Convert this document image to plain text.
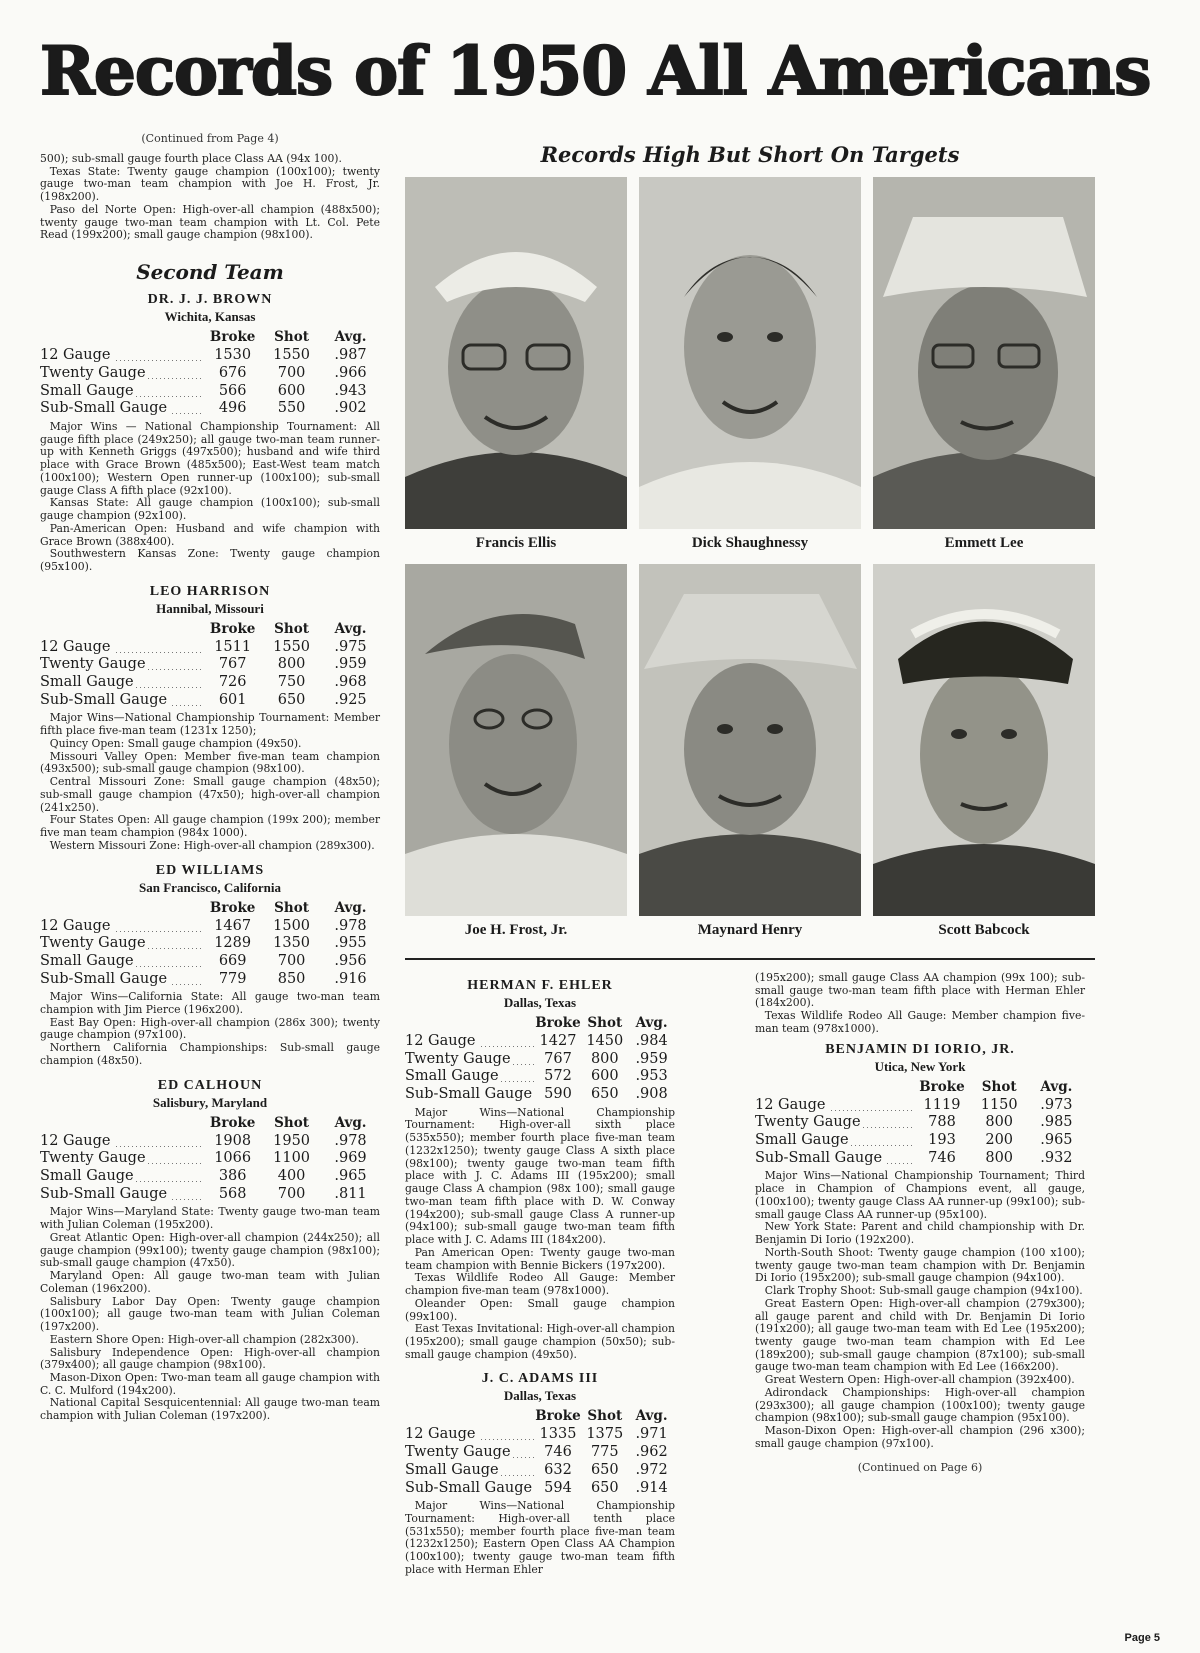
Records of 1950 All Americans
(Continued from Page 4)

500); sub-small gauge fourth place Class AA (94x 100).

Texas State: Twenty gauge champion (100x100); twenty gauge two-man team champion with Joe H. Frost, Jr. (198x200).

Paso del Norte Open: High-over-all champion (488x500); twenty gauge two-man team champion with Lt. Col. Pete Read (199x200); small gauge champion (98x100).

Second Team
DR. J. J. BROWN
Wichita, Kansas
	Broke	Shot	Avg.
12 Gauge	1530	1550	.987
Twenty Gauge	676	700	.966
Small Gauge	566	600	.943
Sub-Small Gauge	496	550	.902

Major Wins — National Championship Tournament: All gauge fifth place (249x250); all gauge two-man team runner-up with Kenneth Griggs (497x500); husband and wife third place with Grace Brown (485x500); East-West team match (100x100); Western Open runner-up (100x100); sub-small gauge Class A fifth place (92x100).

Kansas State: All gauge champion (100x100); sub-small gauge champion (92x100).

Pan-American Open: Husband and wife champion with Grace Brown (388x400).

Southwestern Kansas Zone: Twenty gauge champion (95x100).

LEO HARRISON
Hannibal, Missouri
	Broke	Shot	Avg.
12 Gauge	1511	1550	.975
Twenty Gauge	767	800	.959
Small Gauge	726	750	.968
Sub-Small Gauge	601	650	.925

Major Wins—National Championship Tournament: Member fifth place five-man team (1231x 1250);

Quincy Open: Small gauge champion (49x50).

Missouri Valley Open: Member five-man team champion (493x500); sub-small gauge champion (98x100).

Central Missouri Zone: Small gauge champion (48x50); sub-small gauge champion (47x50); high-over-all champion (241x250).

Four States Open: All gauge champion (199x 200); member five man team champion (984x 1000).

Western Missouri Zone: High-over-all champion (289x300).

ED WILLIAMS
San Francisco, California
	Broke	Shot	Avg.
12 Gauge	1467	1500	.978
Twenty Gauge	1289	1350	.955
Small Gauge	669	700	.956
Sub-Small Gauge	779	850	.916

Major Wins—California State: All gauge two-man team champion with Jim Pierce (196x200).

East Bay Open: High-over-all champion (286x 300); twenty gauge champion (97x100).

Northern California Championships: Sub-small gauge champion (48x50).

ED CALHOUN
Salisbury, Maryland
	Broke	Shot	Avg.
12 Gauge	1908	1950	.978
Twenty Gauge	1066	1100	.969
Small Gauge	386	400	.965
Sub-Small Gauge	568	700	.811

Major Wins—Maryland State: Twenty gauge two-man team with Julian Coleman (195x200).

Great Atlantic Open: High-over-all champion (244x250); all gauge champion (99x100); twenty gauge champion (98x100); sub-small gauge champion (47x50).

Maryland Open: All gauge two-man team with Julian Coleman (196x200).

Salisbury Labor Day Open: Twenty gauge champion (100x100); all gauge two-man team with Julian Coleman (197x200).

Eastern Shore Open: High-over-all champion (282x300).

Salisbury Independence Open: High-over-all champion (379x400); all gauge champion (98x100).

Mason-Dixon Open: Two-man team all gauge champion with C. C. Mulford (194x200).

National Capital Sesquicentennial: All gauge two-man team champion with Julian Coleman (197x200).

Records High But Short On Targets
Francis Ellis	Dick Shaughnessy	Emmett Lee
Joe H. Frost, Jr.	Maynard Henry	Scott Babcock
HERMAN F. EHLER
Dallas, Texas
	Broke	Shot	Avg.
12 Gauge	1427	1450	.984
Twenty Gauge	767	800	.959
Small Gauge	572	600	.953
Sub-Small Gauge	590	650	.908

Major Wins—National Championship Tournament: High-over-all sixth place (535x550); member fourth place five-man team (1232x1250); twenty gauge Class A sixth place (98x100); twenty gauge two-man team fifth place with J. C. Adams III (195x200); small gauge Class A champion (98x 100); small gauge two-man team fifth place with D. W. Conway (194x200); sub-small gauge Class A runner-up (94x100); sub-small gauge two-man team fifth place with J. C. Adams III (184x200).

Pan American Open: Twenty gauge two-man team champion with Bennie Bickers (197x200).

Texas Wildlife Rodeo All Gauge: Member champion five-man team (978x1000).

Oleander Open: Small gauge champion (99x100).

East Texas Invitational: High-over-all champion (195x200); small gauge champion (50x50); sub-small gauge champion (49x50).

J. C. ADAMS III
Dallas, Texas
	Broke	Shot	Avg.
12 Gauge	1335	1375	.971
Twenty Gauge	746	775	.962
Small Gauge	632	650	.972
Sub-Small Gauge	594	650	.914

Major Wins—National Championship Tournament: High-over-all tenth place (531x550); member fourth place five-man team (1232x1250); Eastern Open Class AA Champion (100x100); twenty gauge two-man team fifth place with Herman Ehler

(195x200); small gauge Class AA champion (99x 100); sub-small gauge two-man team fifth place with Herman Ehler (184x200).

Texas Wildlife Rodeo All Gauge: Member champion five-man team (978x1000).

BENJAMIN DI IORIO, JR.
Utica, New York
	Broke	Shot	Avg.
12 Gauge	1119	1150	.973
Twenty Gauge	788	800	.985
Small Gauge	193	200	.965
Sub-Small Gauge	746	800	.932

Major Wins—National Championship Tournament; Third place in Champion of Champions event, all gauge, (100x100); twenty gauge Class AA runner-up (99x100); sub-small gauge Class AA runner-up (95x100).

New York State: Parent and child championship with Dr. Benjamin Di Iorio (192x200).

North-South Shoot: Twenty gauge champion (100 x100); twenty gauge two-man team champion with Dr. Benjamin Di Iorio (195x200); sub-small gauge champion (94x100).

Clark Trophy Shoot: Sub-small gauge champion (94x100).

Great Eastern Open: High-over-all champion (279x300); all gauge parent and child with Dr. Benjamin Di Iorio (191x200); all gauge two-man team with Ed Lee (195x200); twenty gauge two-man team champion with Ed Lee (189x200); sub-small gauge champion (87x100); sub-small gauge two-man team champion with Ed Lee (166x200).

Great Western Open: High-over-all champion (392x400).

Adirondack Championships: High-over-all champion (293x300); all gauge champion (100x100); twenty gauge champion (98x100); sub-small gauge champion (95x100).

Mason-Dixon Open: High-over-all champion (296 x300); small gauge champion (97x100).

(Continued on Page 6)
Page 5
